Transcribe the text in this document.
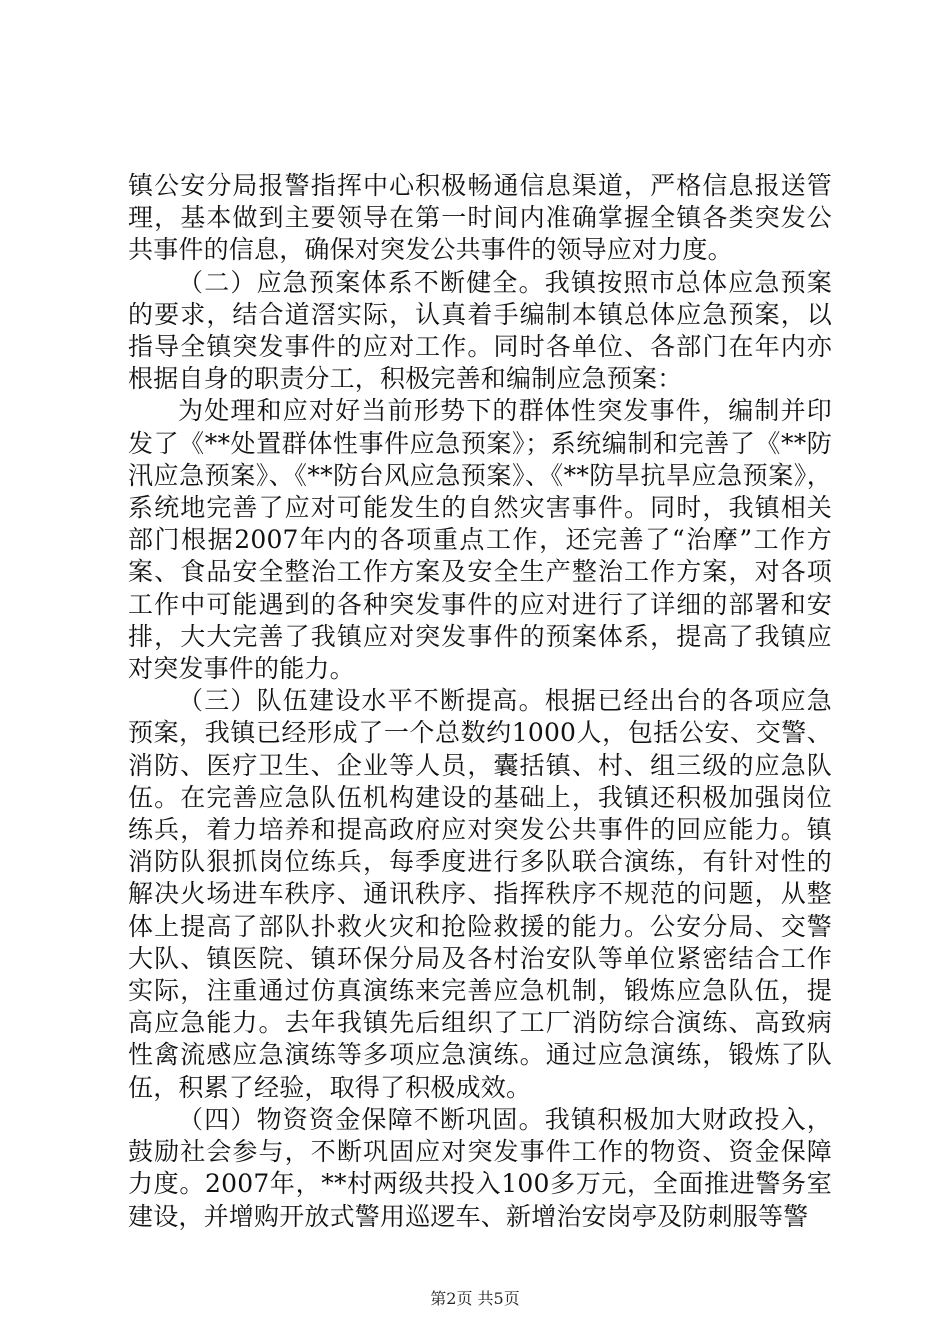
镇公安分局报警指挥中心积极畅通信息渠道，严格信息报送管理，基本做到主要领导在第一时间内准确掌握全镇各类突发公共事件的信息，确保对突发公共事件的领导应对力度。

（二）应急预案体系不断健全。我镇按照市总体应急预案的要求，结合道滘实际，认真着手编制本镇总体应急预案，以指导全镇突发事件的应对工作。同时各单位、各部门在年内亦根据自身的职责分工，积极完善和编制应急预案：

为处理和应对好当前形势下的群体性突发事件，编制并印发了《**处置群体性事件应急预案》；系统编制和完善了《**防汛应急预案》、《**防台风应急预案》、《**防旱抗旱应急预案》，系统地完善了应对可能发生的自然灾害事件。同时，我镇相关部门根据2007年内的各项重点工作，还完善了“治摩”工作方案、食品安全整治工作方案及安全生产整治工作方案，对各项工作中可能遇到的各种突发事件的应对进行了详细的部署和安排，大大完善了我镇应对突发事件的预案体系，提高了我镇应对突发事件的能力。

（三）队伍建设水平不断提高。根据已经出台的各项应急预案，我镇已经形成了一个总数约1000人，包括公安、交警、消防、医疗卫生、企业等人员，囊括镇、村、组三级的应急队伍。在完善应急队伍机构建设的基础上，我镇还积极加强岗位练兵，着力培养和提高政府应对突发公共事件的回应能力。镇消防队狠抓岗位练兵，每季度进行多队联合演练，有针对性的解决火场进车秩序、通讯秩序、指挥秩序不规范的问题，从整体上提高了部队扑救火灾和抢险救援的能力。公安分局、交警大队、镇医院、镇环保分局及各村治安队等单位紧密结合工作实际，注重通过仿真演练来完善应急机制，锻炼应急队伍，提高应急能力。去年我镇先后组织了工厂消防综合演练、高致病性禽流感应急演练等多项应急演练。通过应急演练，锻炼了队伍，积累了经验，取得了积极成效。

（四）物资资金保障不断巩固。我镇积极加大财政投入，鼓励社会参与，不断巩固应对突发事件工作的物资、资金保障力度。2007年，**村两级共投入100多万元，全面推进警务室建设，并增购开放式警用巡逻车、新增治安岗亭及防刺服等警

第2页 共5页
